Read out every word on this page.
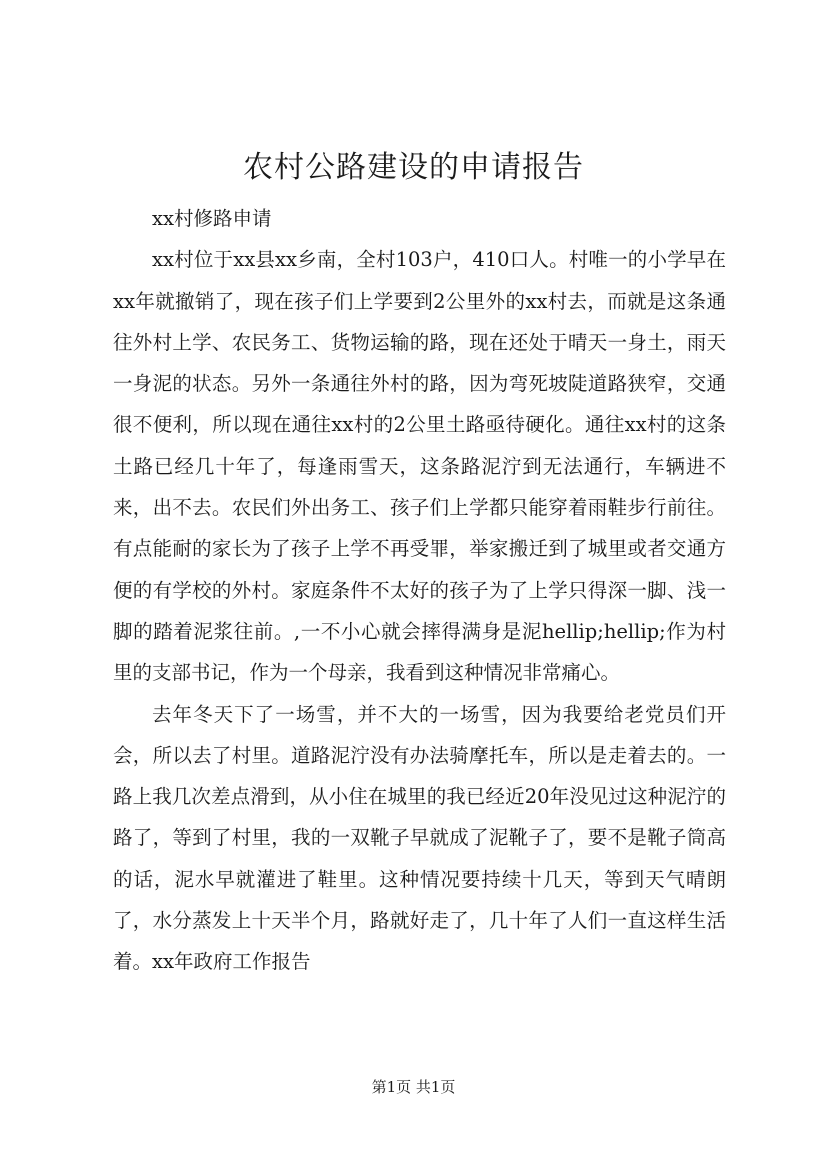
农村公路建设的申请报告

xx村修路申请

xx村位于xx县xx乡南，全村103户，410口人。村唯一的小学早在xx年就撤销了，现在孩子们上学要到2公里外的xx村去，而就是这条通往外村上学、农民务工、货物运输的路，现在还处于晴天一身土，雨天一身泥的状态。另外一条通往外村的路，因为弯死坡陡道路狭窄，交通很不便利，所以现在通往xx村的2公里土路亟待硬化。通往xx村的这条土路已经几十年了，每逢雨雪天，这条路泥泞到无法通行，车辆进不来，出不去。农民们外出务工、孩子们上学都只能穿着雨鞋步行前往。有点能耐的家长为了孩子上学不再受罪，举家搬迁到了城里或者交通方便的有学校的外村。家庭条件不太好的孩子为了上学只得深一脚、浅一脚的踏着泥浆往前。,一不小心就会摔得满身是泥hellip;hellip;作为村里的支部书记，作为一个母亲，我看到这种情况非常痛心。

去年冬天下了一场雪，并不大的一场雪，因为我要给老党员们开会，所以去了村里。道路泥泞没有办法骑摩托车，所以是走着去的。一路上我几次差点滑到，从小住在城里的我已经近20年没见过这种泥泞的路了，等到了村里，我的一双靴子早就成了泥靴子了，要不是靴子筒高的话，泥水早就灌进了鞋里。这种情况要持续十几天，等到天气晴朗了，水分蒸发上十天半个月，路就好走了，几十年了人们一直这样生活着。xx年政府工作报告

第1页 共1页
